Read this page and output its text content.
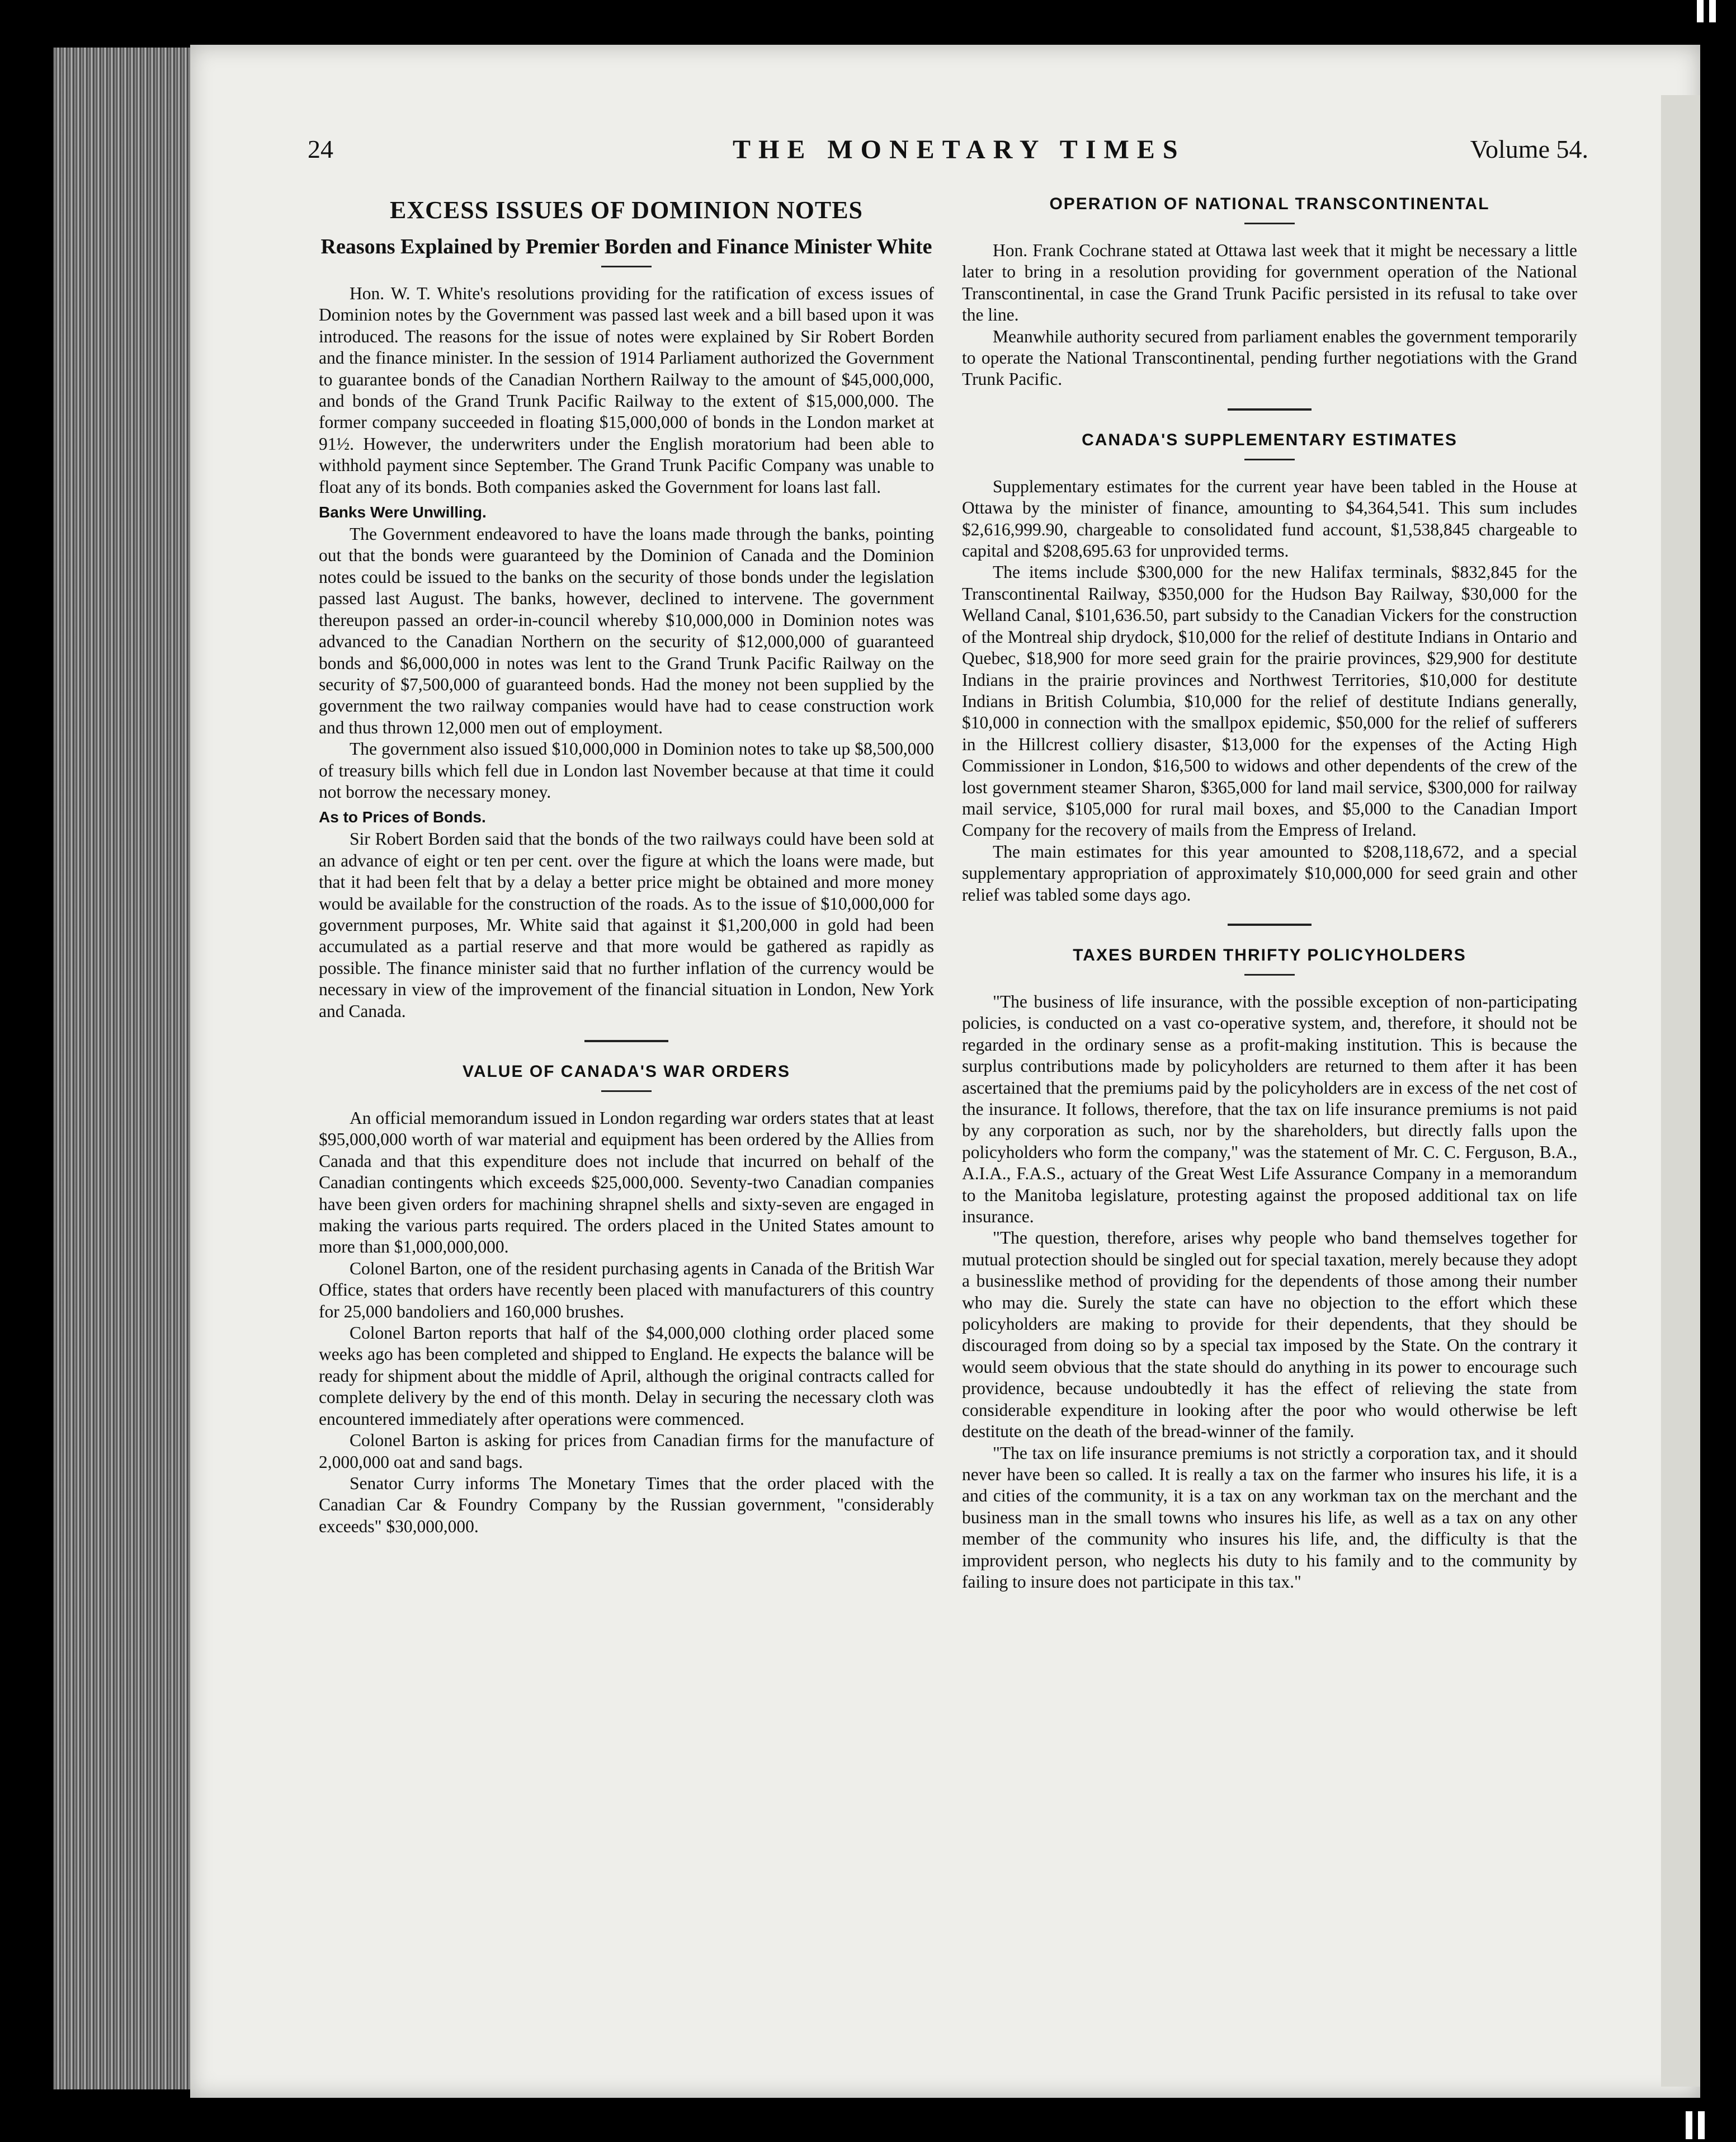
24	THE MONETARY TIMES	Volume 54.
EXCESS ISSUES OF DOMINION NOTES
Reasons Explained by Premier Borden and Finance Minister White

Hon. W. T. White's resolutions providing for the ratification of excess issues of Dominion notes by the Government was passed last week and a bill based upon it was introduced. The reasons for the issue of notes were explained by Sir Robert Borden and the finance minister. In the session of 1914 Parliament authorized the Government to guarantee bonds of the Canadian Northern Railway to the amount of $45,000,000, and bonds of the Grand Trunk Pacific Railway to the extent of $15,000,000. The former company succeeded in floating $15,000,000 of bonds in the London market at 91½. However, the underwriters under the English moratorium had been able to withhold payment since September. The Grand Trunk Pacific Company was unable to float any of its bonds. Both companies asked the Government for loans last fall.

Banks Were Unwilling.

The Government endeavored to have the loans made through the banks, pointing out that the bonds were guaranteed by the Dominion of Canada and the Dominion notes could be issued to the banks on the security of those bonds under the legislation passed last August. The banks, however, declined to intervene. The government thereupon passed an order-in-council whereby $10,000,000 in Dominion notes was advanced to the Canadian Northern on the security of $12,000,000 of guaranteed bonds and $6,000,000 in notes was lent to the Grand Trunk Pacific Railway on the security of $7,500,000 of guaranteed bonds. Had the money not been supplied by the government the two railway companies would have had to cease construction work and thus thrown 12,000 men out of employment.

The government also issued $10,000,000 in Dominion notes to take up $8,500,000 of treasury bills which fell due in London last November because at that time it could not borrow the necessary money.

As to Prices of Bonds.

Sir Robert Borden said that the bonds of the two railways could have been sold at an advance of eight or ten per cent. over the figure at which the loans were made, but that it had been felt that by a delay a better price might be obtained and more money would be available for the construction of the roads. As to the issue of $10,000,000 for government purposes, Mr. White said that against it $1,200,000 in gold had been accumulated as a partial reserve and that more would be gathered as rapidly as possible. The finance minister said that no further inflation of the currency would be necessary in view of the improvement of the financial situation in London, New York and Canada.

VALUE OF CANADA'S WAR ORDERS

An official memorandum issued in London regarding war orders states that at least $95,000,000 worth of war material and equipment has been ordered by the Allies from Canada and that this expenditure does not include that incurred on behalf of the Canadian contingents which exceeds $25,000,000. Seventy-two Canadian companies have been given orders for machining shrapnel shells and sixty-seven are engaged in making the various parts required. The orders placed in the United States amount to more than $1,000,000,000.

Colonel Barton, one of the resident purchasing agents in Canada of the British War Office, states that orders have recently been placed with manufacturers of this country for 25,000 bandoliers and 160,000 brushes.

Colonel Barton reports that half of the $4,000,000 clothing order placed some weeks ago has been completed and shipped to England. He expects the balance will be ready for shipment about the middle of April, although the original contracts called for complete delivery by the end of this month. Delay in securing the necessary cloth was encountered immediately after operations were commenced.

Colonel Barton is asking for prices from Canadian firms for the manufacture of 2,000,000 oat and sand bags.

Senator Curry informs The Monetary Times that the order placed with the Canadian Car & Foundry Company by the Russian government, "considerably exceeds" $30,000,000.

OPERATION OF NATIONAL TRANSCONTINENTAL

Hon. Frank Cochrane stated at Ottawa last week that it might be necessary a little later to bring in a resolution providing for government operation of the National Transcontinental, in case the Grand Trunk Pacific persisted in its refusal to take over the line.

Meanwhile authority secured from parliament enables the government temporarily to operate the National Transcontinental, pending further negotiations with the Grand Trunk Pacific.

CANADA'S SUPPLEMENTARY ESTIMATES

Supplementary estimates for the current year have been tabled in the House at Ottawa by the minister of finance, amounting to $4,364,541. This sum includes $2,616,999.90, chargeable to consolidated fund account, $1,538,845 chargeable to capital and $208,695.63 for unprovided terms.

The items include $300,000 for the new Halifax terminals, $832,845 for the Transcontinental Railway, $350,000 for the Hudson Bay Railway, $30,000 for the Welland Canal, $101,636.50, part subsidy to the Canadian Vickers for the construction of the Montreal ship drydock, $10,000 for the relief of destitute Indians in Ontario and Quebec, $18,900 for more seed grain for the prairie provinces, $29,900 for destitute Indians in the prairie provinces and Northwest Territories, $10,000 for destitute Indians in British Columbia, $10,000 for the relief of destitute Indians generally, $10,000 in connection with the smallpox epidemic, $50,000 for the relief of sufferers in the Hillcrest colliery disaster, $13,000 for the expenses of the Acting High Commissioner in London, $16,500 to widows and other dependents of the crew of the lost government steamer Sharon, $365,000 for land mail service, $300,000 for railway mail service, $105,000 for rural mail boxes, and $5,000 to the Canadian Import Company for the recovery of mails from the Empress of Ireland.

The main estimates for this year amounted to $208,118,672, and a special supplementary appropriation of approximately $10,000,000 for seed grain and other relief was tabled some days ago.

TAXES BURDEN THRIFTY POLICYHOLDERS

"The business of life insurance, with the possible exception of non-participating policies, is conducted on a vast co-operative system, and, therefore, it should not be regarded in the ordinary sense as a profit-making institution. This is because the surplus contributions made by policyholders are returned to them after it has been ascertained that the premiums paid by the policyholders are in excess of the net cost of the insurance. It follows, therefore, that the tax on life insurance premiums is not paid by any corporation as such, nor by the shareholders, but directly falls upon the policyholders who form the company," was the statement of Mr. C. C. Ferguson, B.A., A.I.A., F.A.S., actuary of the Great West Life Assurance Company in a memorandum to the Manitoba legislature, protesting against the proposed additional tax on life insurance.

"The question, therefore, arises why people who band themselves together for mutual protection should be singled out for special taxation, merely because they adopt a businesslike method of providing for the dependents of those among their number who may die. Surely the state can have no objection to the effort which these policyholders are making to provide for their dependents, that they should be discouraged from doing so by a special tax imposed by the State. On the contrary it would seem obvious that the state should do anything in its power to encourage such providence, because undoubtedly it has the effect of relieving the state from considerable expenditure in looking after the poor who would otherwise be left destitute on the death of the bread-winner of the family.

"The tax on life insurance premiums is not strictly a corporation tax, and it should never have been so called. It is really a tax on the farmer who insures his life, it is a and cities of the community, it is a tax on any workman tax on the merchant and the business man in the small towns who insures his life, as well as a tax on any other member of the community who insures his life, and, the difficulty is that the improvident person, who neglects his duty to his family and to the community by failing to insure does not participate in this tax."
